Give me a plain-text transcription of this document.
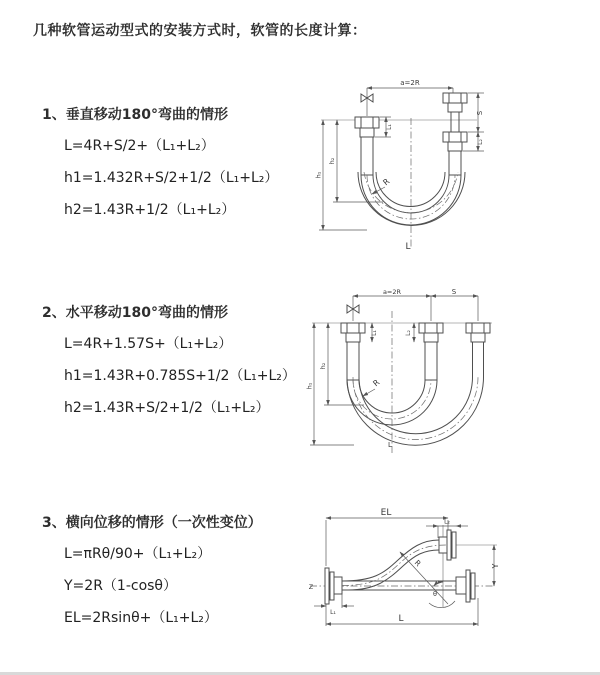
几种软管运动型式的安装方式时，软管的长度计算：
1、垂直移动180°弯曲的情形
L=4R+S/2+（L₁+L₂）
h1=1.432R+S/2+1/2（L₁+L₂）
h2=1.43R+1/2（L₁+L₂）
2、水平移动180°弯曲的情形
L=4R+1.57S+（L₁+L₂）
h1=1.43R+0.785S+1/2（L₁+L₂）
h2=1.43R+S/2+1/2（L₁+L₂）
3、横向位移的情形（一次性变位）
L=πRθ/90+（L₁+L₂）
Y=2R（1-cosθ）
EL=2Rsinθ+（L₁+L₂）
a=2R
S
L₂
L₁
h₂
h₁
R
L
a=2R	S
L₁	L₂
h₂
h₁	R
L
EL
L₂
Y
R
θ
L
L₁
Z
